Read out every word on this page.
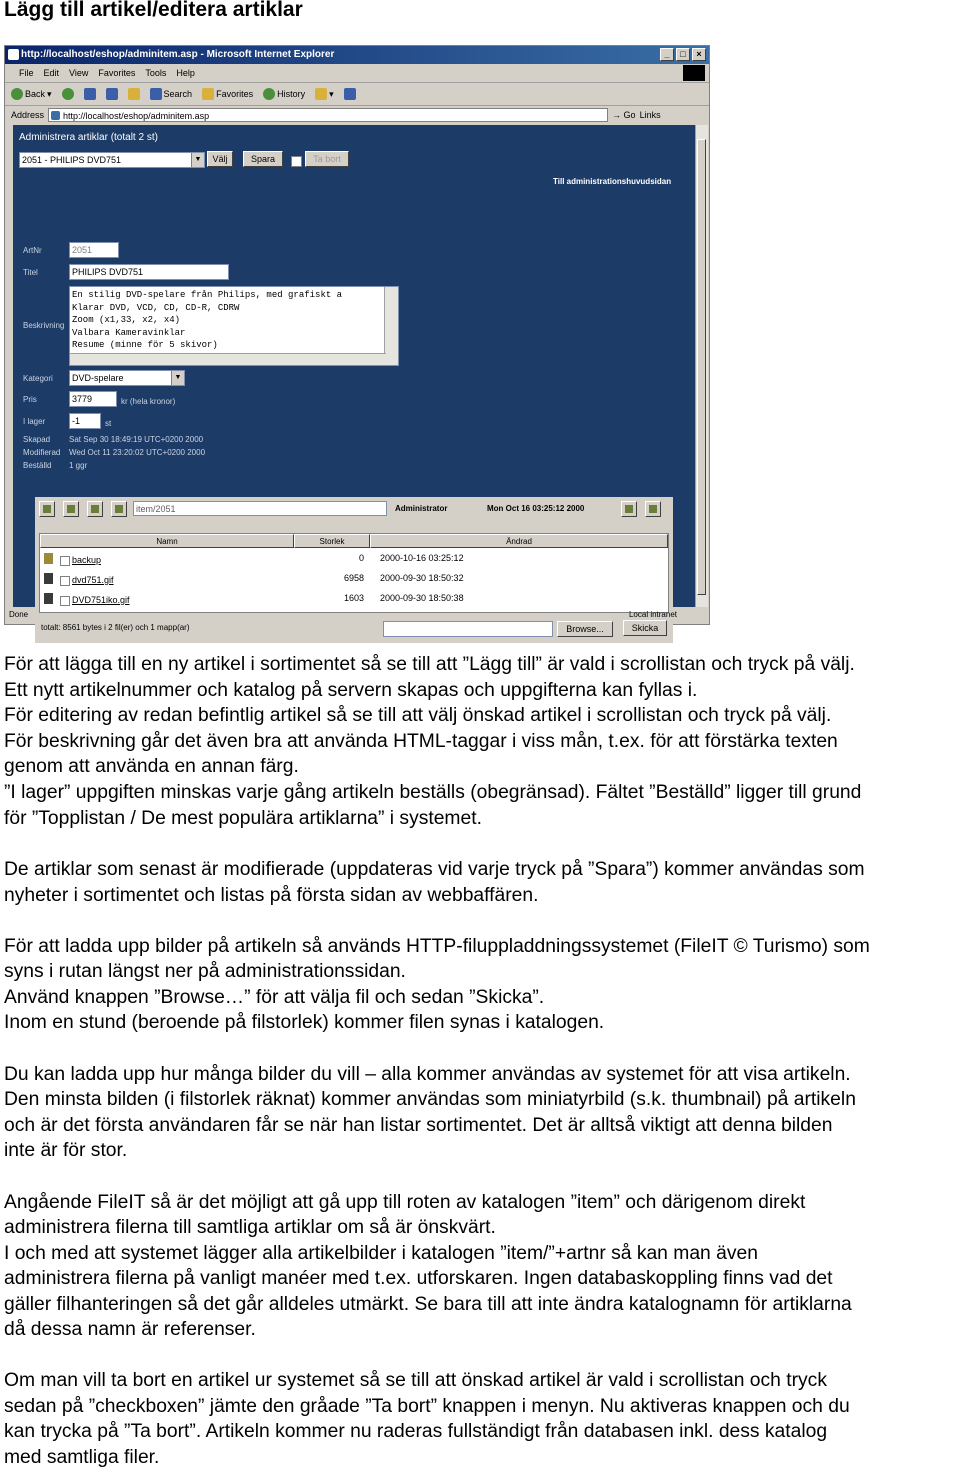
Lägg till artikel/editera artiklar
http://localhost/eshop/adminitem.asp - Microsoft Internet Explorer	_	□	×
File Edit View Favorites Tools Help
Back ▾	Search	Favorites	History	▾
Address	http://localhost/eshop/adminitem.asp	→ Go Links
Administrera artiklar (totalt 2 st)
2051 - PHILIPS DVD751	▼	Välj	Spara	Ta bort
Till administrationshuvudsidan
ArtNr	2051
Titel	PHILIPS DVD751
Beskrivning
En stilig DVD-spelare från Philips, med grafiskt a
Klarar DVD, VCD, CD, CD-R, CDRW
Zoom (x1,33, x2, x4)
Valbara Kameravinklar
Resume (minne för 5 skivor)
Kategori	DVD-spelare	▼
Pris	3779	kr (hela kronor)
I lager	-1	st
Skapad Sat Sep 30 18:49:19 UTC+0200 2000
Modifierad Wed Oct 11 23:20:02 UTC+0200 2000
Beställd 1 ggr
item/2051	Administrator	Mon Oct 16 03:25:12 2000
Namn	Storlek	Ändrad
backup	0 2000-10-16 03:25:12
dvd751.gif	6958 2000-09-30 18:50:32
DVD751iko.gif	1603 2000-09-30 18:50:38
totalt: 8561 bytes i 2 fil(er) och 1 mapp(ar)	Browse...	Skicka
Done	Local intranet

För att lägga till en ny artikel i sortimentet så se till att ”Lägg till” är vald i scrollistan och tryck på välj.

Ett nytt artikelnummer och katalog på servern skapas och uppgifterna kan fyllas i.

För editering av redan befintlig artikel så se till att välj önskad artikel i scrollistan och tryck på välj.

För beskrivning går det även bra att använda HTML-taggar i viss mån, t.ex. för att förstärka texten

genom att använda en annan färg.

”I lager” uppgiften minskas varje gång artikeln beställs (obegränsad). Fältet ”Beställd” ligger till grund

för ”Topplistan / De mest populära artiklarna” i systemet.

De artiklar som senast är modifierade (uppdateras vid varje tryck på ”Spara”) kommer användas som

nyheter i sortimentet och listas på första sidan av webbaffären.

För att ladda upp bilder på artikeln så används HTTP-filuppladdningssystemet (FileIT © Turismo) som

syns i rutan längst ner på administrationssidan.

Använd knappen ”Browse…” för att välja fil och sedan ”Skicka”.

Inom en stund (beroende på filstorlek) kommer filen synas i katalogen.

Du kan ladda upp hur många bilder du vill – alla kommer användas av systemet för att visa artikeln.

Den minsta bilden (i filstorlek räknat) kommer användas som miniatyrbild (s.k. thumbnail) på artikeln

och är det första användaren får se när han listar sortimentet. Det är alltså viktigt att denna bilden

inte är för stor.

Angående FileIT så är det möjligt att gå upp till roten av katalogen ”item” och därigenom direkt

administrera filerna till samtliga artiklar om så är önskvärt.

I och med att systemet lägger alla artikelbilder i katalogen ”item/”+artnr så kan man även

administrera filerna på vanligt manéer med t.ex. utforskaren. Ingen databaskoppling finns vad det

gäller filhanteringen så det går alldeles utmärkt. Se bara till att inte ändra katalognamn för artiklarna

då dessa namn är referenser.

Om man vill ta bort en artikel ur systemet så se till att önskad artikel är vald i scrollistan och tryck

sedan på ”checkboxen” jämte den gråade ”Ta bort” knappen i menyn. Nu aktiveras knappen och du

kan trycka på ”Ta bort”. Artikeln kommer nu raderas fullständigt från databasen inkl. dess katalog

med samtliga filer.
